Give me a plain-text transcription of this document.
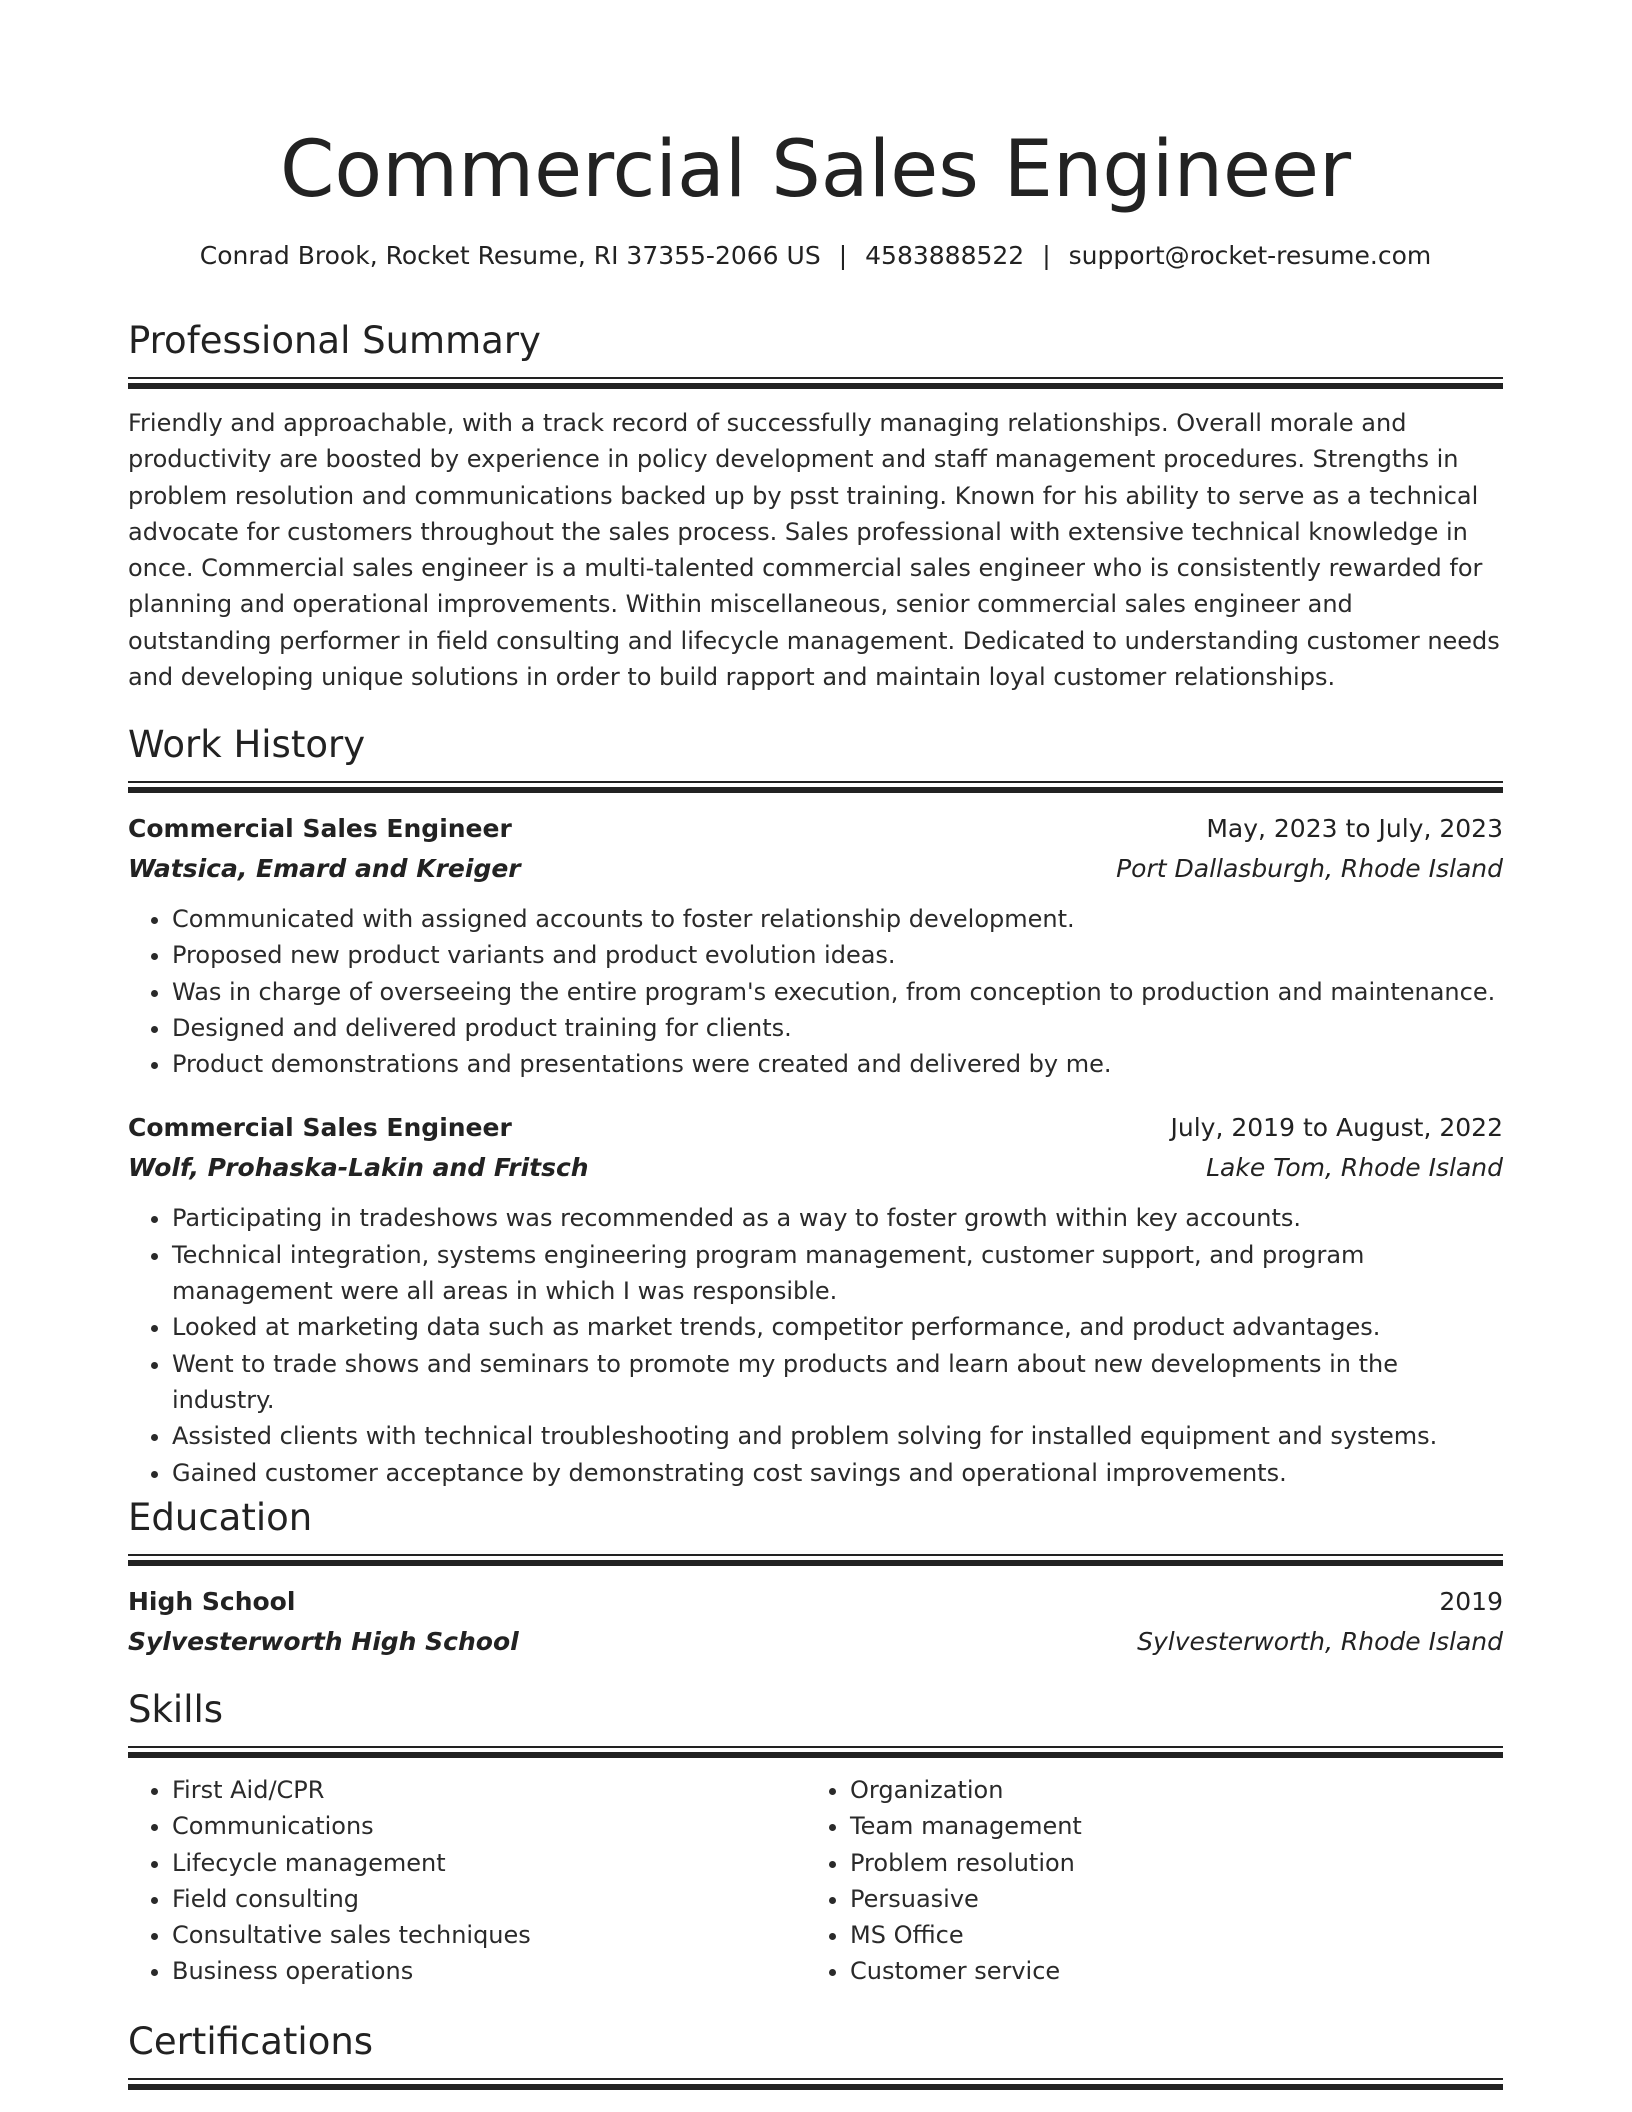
Commercial Sales Engineer
Conrad Brook, Rocket Resume, RI 37355-2066 US | 4583888522 | support@rocket-resume.com
Professional Summary
Friendly and approachable, with a track record of successfully managing relationships. Overall morale and productivity are boosted by experience in policy development and staff management procedures. Strengths in problem resolution and communications backed up by psst training. Known for his ability to serve as a technical advocate for customers throughout the sales process. Sales professional with extensive technical knowledge in once. Commercial sales engineer is a multi-talented commercial sales engineer who is consistently rewarded for planning and operational improvements. Within miscellaneous, senior commercial sales engineer and outstanding performer in field consulting and lifecycle management. Dedicated to understanding customer needs and developing unique solutions in order to build rapport and maintain loyal customer relationships.
Work History
Commercial Sales Engineer	May, 2023 to July, 2023
Watsica, Emard and Kreiger	Port Dallasburgh, Rhode Island
• Communicated with assigned accounts to foster relationship development.
• Proposed new product variants and product evolution ideas.
• Was in charge of overseeing the entire program's execution, from conception to production and maintenance.
• Designed and delivered product training for clients.
• Product demonstrations and presentations were created and delivered by me.
Commercial Sales Engineer	July, 2019 to August, 2022
Wolf, Prohaska-Lakin and Fritsch	Lake Tom, Rhode Island
• Participating in tradeshows was recommended as a way to foster growth within key accounts.
• Technical integration, systems engineering program management, customer support, and program management were all areas in which I was responsible.
• Looked at marketing data such as market trends, competitor performance, and product advantages.
• Went to trade shows and seminars to promote my products and learn about new developments in the industry.
• Assisted clients with technical troubleshooting and problem solving for installed equipment and systems.
• Gained customer acceptance by demonstrating cost savings and operational improvements.
Education
High School	2019
Sylvesterworth High School	Sylvesterworth, Rhode Island
Skills
• First Aid/CPR
• Communications
• Lifecycle management
• Field consulting
• Consultative sales techniques
• Business operations
• Organization
• Team management
• Problem resolution
• Persuasive
• MS Office
• Customer service
Certifications
